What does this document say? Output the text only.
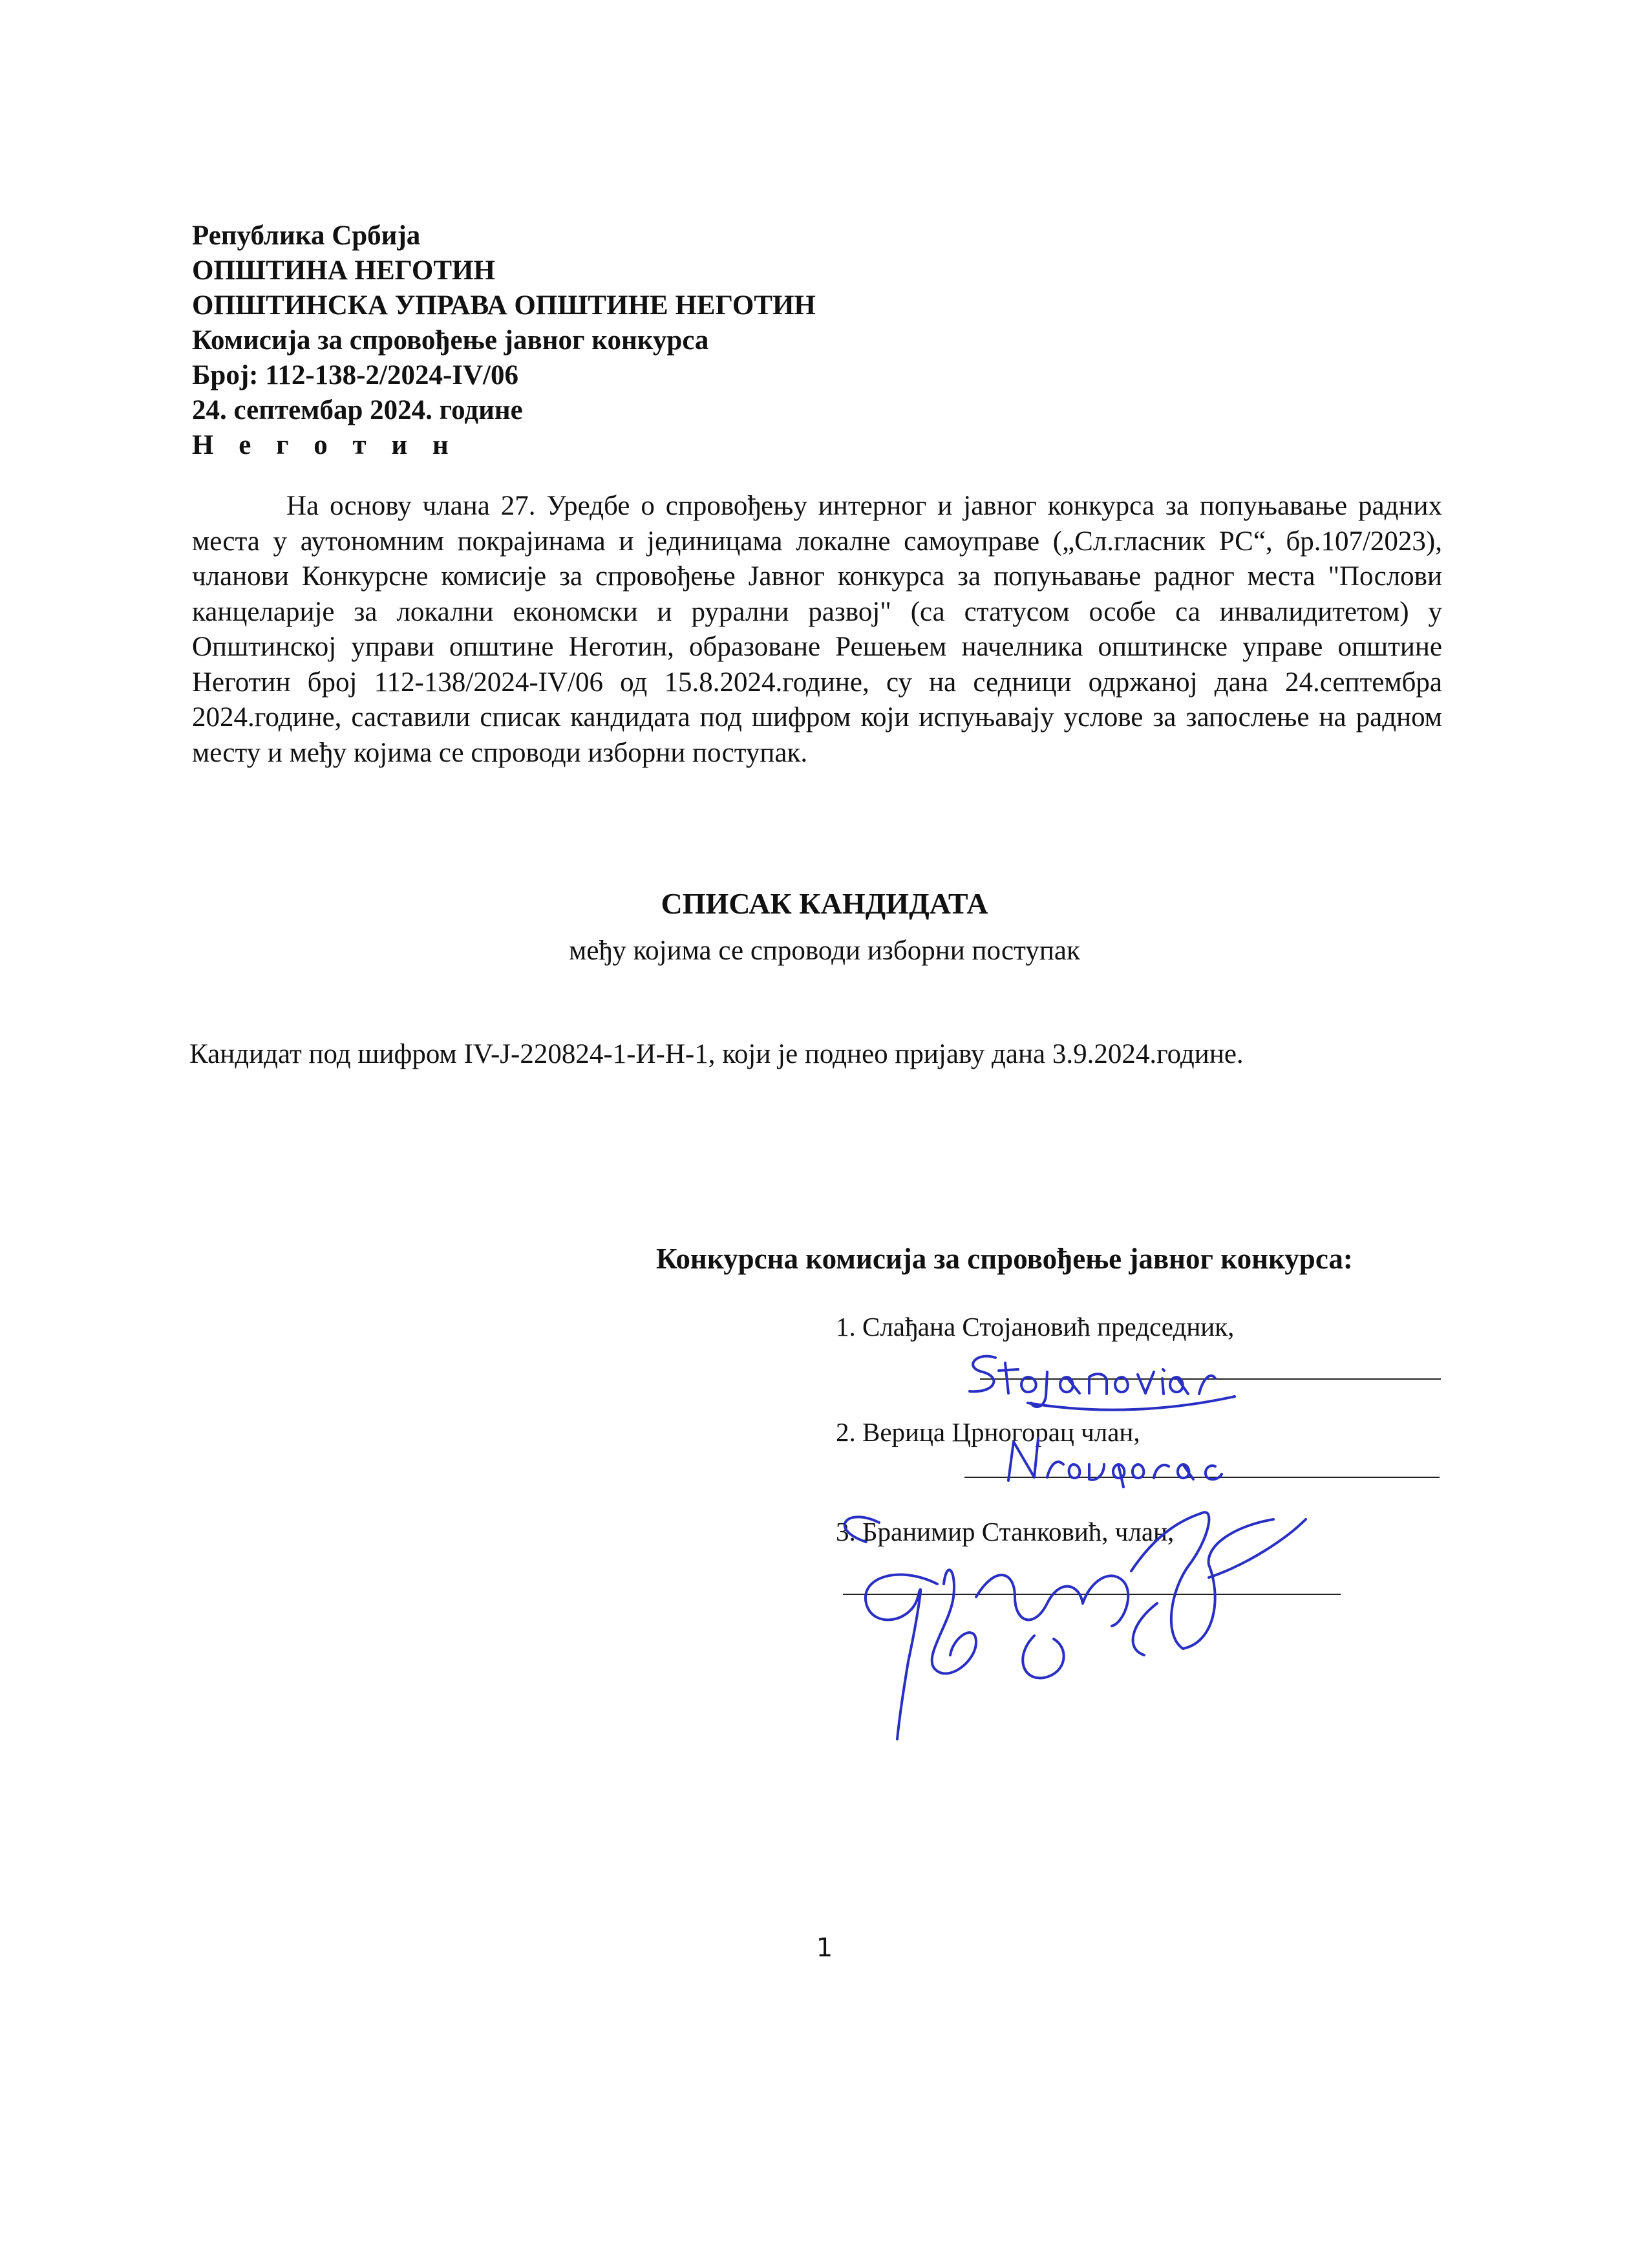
Република Србија
ОПШТИНА НЕГОТИН
ОПШТИНСКА УПРАВА ОПШТИНЕ НЕГОТИН
Комисија за спровођење јавног конкурса
Број: 112-138-2/2024-IV/06
24. септембар 2024. године
Н е г о т и н
На основу члана 27. Уредбе о спровођењу интерног и јавног конкурса за попуњавање радних места у аутономним покрајинама и јединицама локалне самоуправе („Сл.гласник РС“, бр.107/2023), чланови Конкурсне комисије за спровођење Јавног конкурса за попуњавање радног места "Послови канцеларије за локални економски и рурални развој" (са статусом особе са инвалидитетом) у Општинској управи општине Неготин, образоване Решењем начелника општинске управе општине Неготин број 112-138/2024-IV/06 од 15.8.2024.године, су на седници одржаној дана 24.септембра 2024.године, саставили списак кандидата под шифром који испуњавају услове за запослење на радном месту и међу којима се спроводи изборни поступак.
СПИСАК КАНДИДАТА
међу којима се спроводи изборни поступак
Кандидат под шифром IV-J-220824-1-И-Н-1, који је поднео пријаву дана 3.9.2024.године.
Конкурсна комисија за спровођење јавног конкурса:
1. Слађана Стојановић председник,
2. Верица Црногорац члан,
3. Бранимир Станковић, члан,
1
